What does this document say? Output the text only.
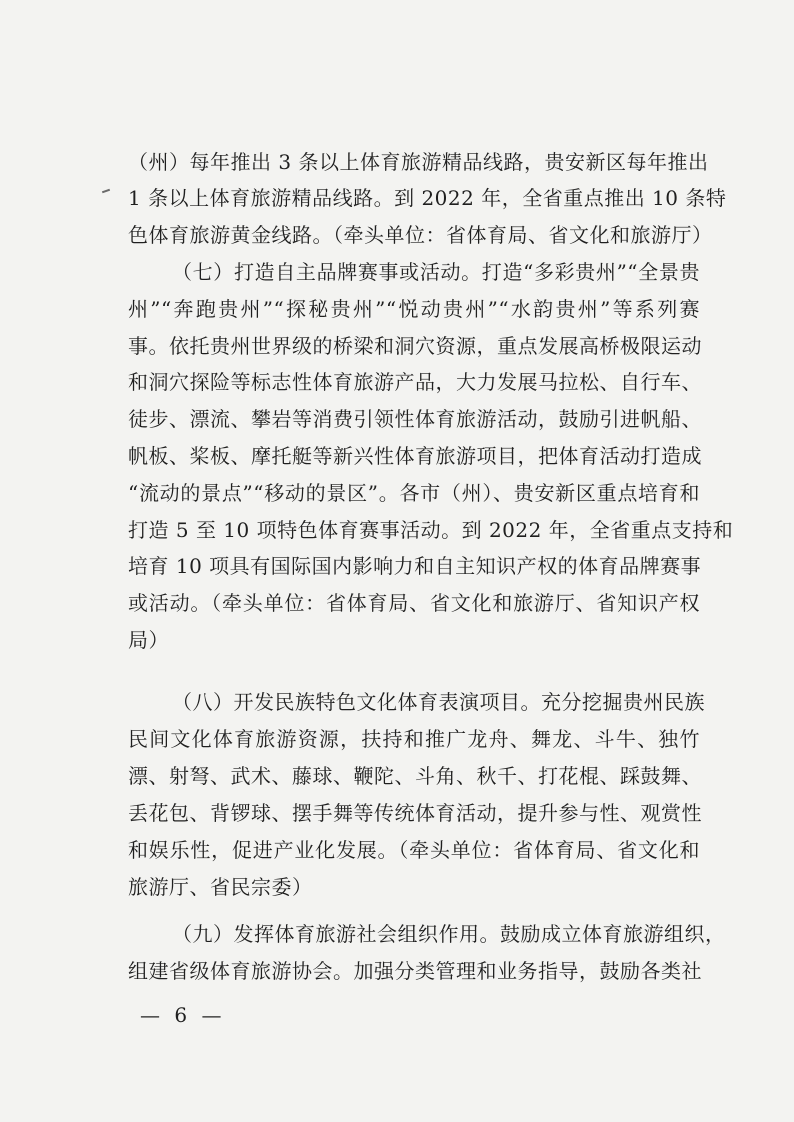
（州）每年推出 3 条以上体育旅游精品线路，贵安新区每年推出
1 条以上体育旅游精品线路。到 2022 年，全省重点推出 10 条特
色体育旅游黄金线路。（牵头单位：省体育局、省文化和旅游厅）
（七）打造自主品牌赛事或活动。打造“多彩贵州”“全景贵
州”“奔跑贵州”“探秘贵州”“悦动贵州”“水韵贵州”等系列赛
事。依托贵州世界级的桥梁和洞穴资源，重点发展高桥极限运动
和洞穴探险等标志性体育旅游产品，大力发展马拉松、自行车、
徒步、漂流、攀岩等消费引领性体育旅游活动，鼓励引进帆船、
帆板、桨板、摩托艇等新兴性体育旅游项目，把体育活动打造成
“流动的景点”“移动的景区”。各市（州）、贵安新区重点培育和
打造 5 至 10 项特色体育赛事活动。到 2022 年，全省重点支持和
培育 10 项具有国际国内影响力和自主知识产权的体育品牌赛事
或活动。（牵头单位：省体育局、省文化和旅游厅、省知识产权
局）
（八）开发民族特色文化体育表演项目。充分挖掘贵州民族
民间文化体育旅游资源，扶持和推广龙舟、舞龙、斗牛、独竹
漂、射弩、武术、藤球、鞭陀、斗角、秋千、打花棍、踩鼓舞、
丢花包、背锣球、摆手舞等传统体育活动，提升参与性、观赏性
和娱乐性，促进产业化发展。（牵头单位：省体育局、省文化和
旅游厅、省民宗委）
（九）发挥体育旅游社会组织作用。鼓励成立体育旅游组织，
组建省级体育旅游协会。加强分类管理和业务指导，鼓励各类社
— 6 —
